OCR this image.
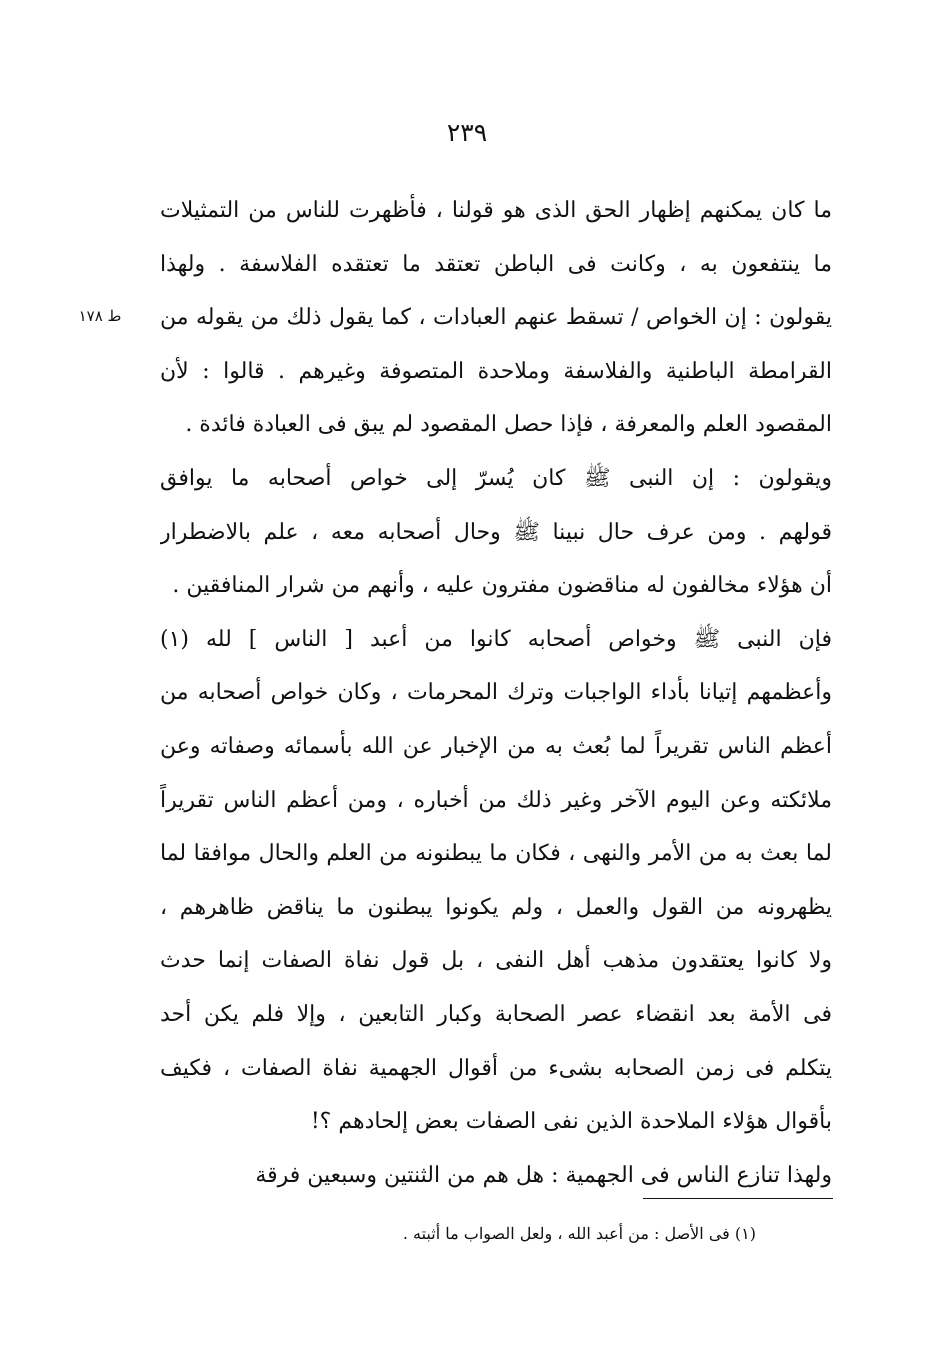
٢٣٩
ط ١٧٨
ما كان يمكنهم إظهار الحق الذى هو قولنا ، فأظهرت للناس من التمثيلات
ما ينتفعون به ، وكانت فى الباطن تعتقد ما تعتقده الفلاسفة . ولهذا
يقولون : إن الخواص / تسقط عنهم العبادات ، كما يقول ذلك من يقوله من
القرامطة الباطنية والفلاسفة وملاحدة المتصوفة وغيرهم . قالوا : لأن
المقصود العلم والمعرفة ، فإذا حصل المقصود لم يبق فى العبادة فائدة .
ويقولون : إن النبى ﷺ كان يُسرّ إلى خواص أصحابه ما يوافق
قولهم . ومن عرف حال نبينا ﷺ وحال أصحابه معه ، علم بالاضطرار
أن هؤلاء مخالفون له مناقضون مفترون عليه ، وأنهم من شرار المنافقين .
فإن النبى ﷺ وخواص أصحابه كانوا من أعبد [ الناس ] لله (١)
وأعظمهم إتيانا بأداء الواجبات وترك المحرمات ، وكان خواص أصحابه من
أعظم الناس تقريراً لما بُعث به من الإخبار عن الله بأسمائه وصفاته وعن
ملائكته وعن اليوم الآخر وغير ذلك من أخباره ، ومن أعظم الناس تقريراً
لما بعث به من الأمر والنهى ، فكان ما يبطنونه من العلم والحال موافقا لما
يظهرونه من القول والعمل ، ولم يكونوا يبطنون ما يناقض ظاهرهم ،
ولا كانوا يعتقدون مذهب أهل النفى ، بل قول نفاة الصفات إنما حدث
فى الأمة بعد انقضاء عصر الصحابة وكبار التابعين ، وإلا فلم يكن أحد
يتكلم فى زمن الصحابه بشىء من أقوال الجهمية نفاة الصفات ، فكيف
بأقوال هؤلاء الملاحدة الذين نفى الصفات بعض إلحادهم ؟!
ولهذا تنازع الناس فى الجهمية : هل هم من الثنتين وسبعين فرقة
(١) فى الأصل : من أعبد الله ، ولعل الصواب ما أثبته .
